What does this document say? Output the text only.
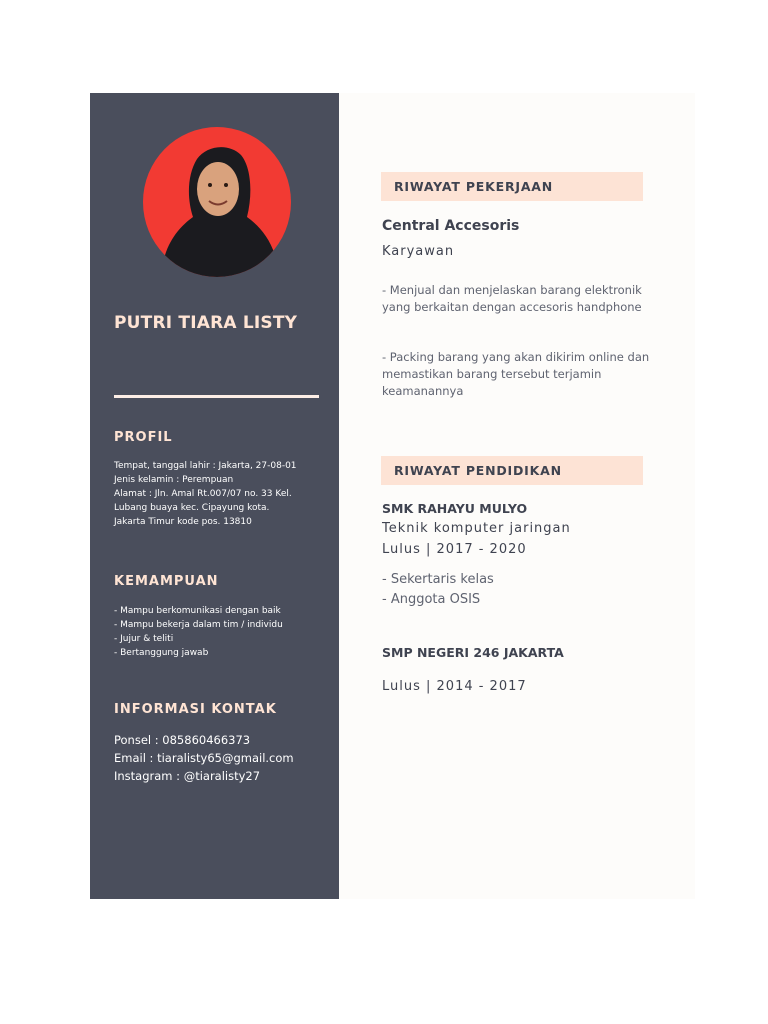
PUTRI TIARA LISTY
PROFIL
Tempat, tanggal lahir : Jakarta, 27-08-01
Jenis kelamin : Perempuan
Alamat : Jln. Amal Rt.007/07 no. 33 Kel.
Lubang buaya kec. Cipayung kota.
Jakarta Timur kode pos. 13810
KEMAMPUAN
- Mampu berkomunikasi dengan baik
- Mampu bekerja dalam tim / individu
- Jujur & teliti
- Bertanggung jawab
INFORMASI KONTAK
Ponsel : 085860466373
Email : tiaralisty65@gmail.com
Instagram : @tiaralisty27
RIWAYAT PEKERJAAN
Central Accesoris
Karyawan
- Menjual dan menjelaskan barang elektronik yang berkaitan dengan accesoris handphone
- Packing barang yang akan dikirim online dan memastikan barang tersebut terjamin keamanannya
RIWAYAT PENDIDIKAN
SMK RAHAYU MULYO
Teknik komputer jaringan
Lulus | 2017 - 2020
- Sekertaris kelas
- Anggota OSIS
SMP NEGERI 246 JAKARTA
Lulus | 2014 - 2017
